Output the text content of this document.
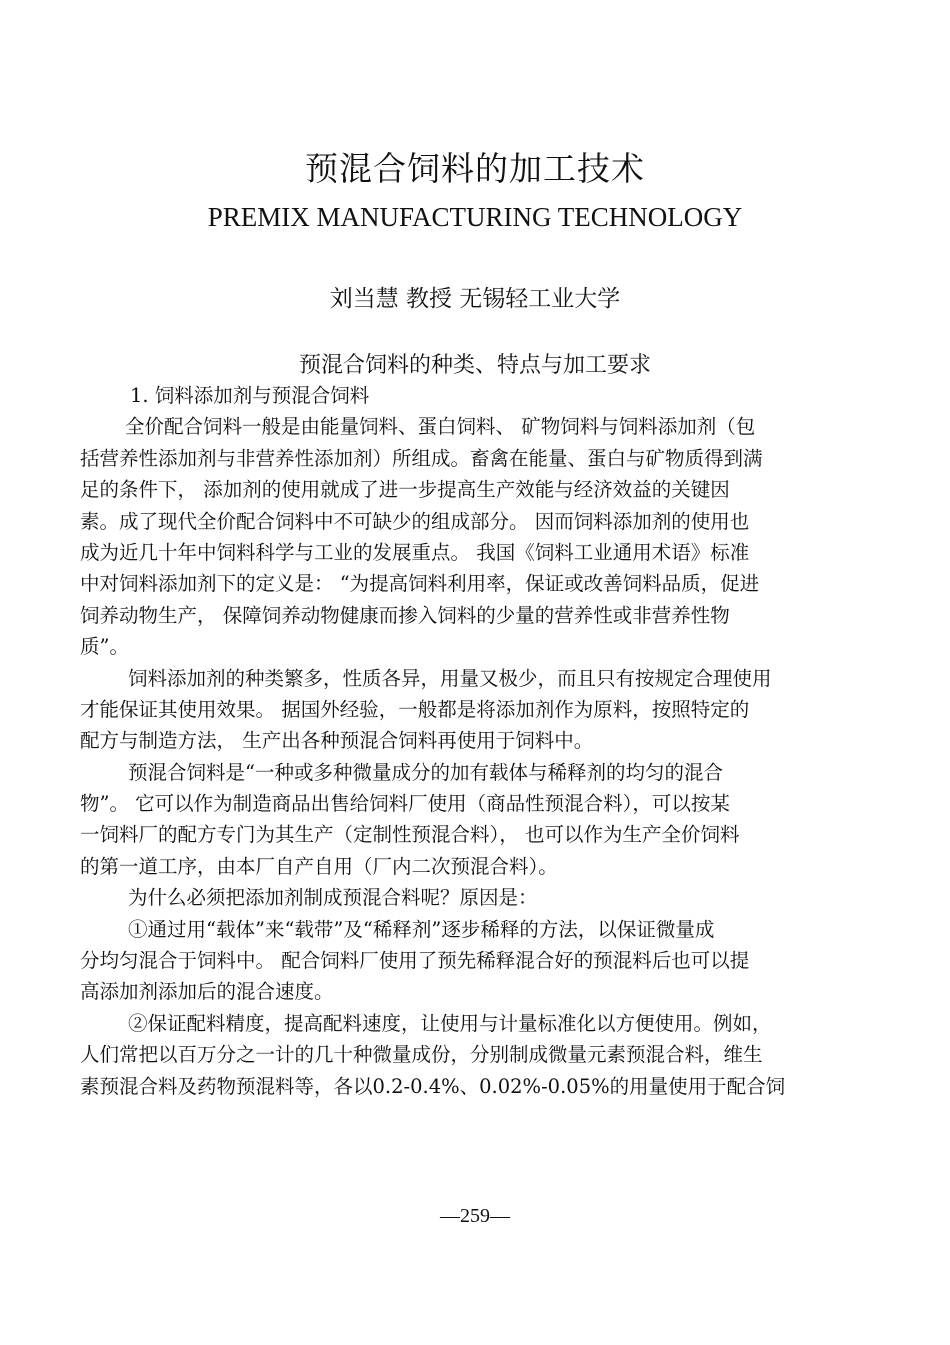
预混合饲料的加工技术
PREMIX MANUFACTURING TECHNOLOGY
刘当慧 教授 无锡轻工业大学
预混合饲料的种类、特点与加工要求
1. 饲料添加剂与预混合饲料
全价配合饲料一般是由能量饲料、蛋白饲料、 矿物饲料与饲料添加剂（包
括营养性添加剂与非营养性添加剂）所组成。畜禽在能量、蛋白与矿物质得到满
足的条件下， 添加剂的使用就成了进一步提高生产效能与经济效益的关键因
素。成了现代全价配合饲料中不可缺少的组成部分。 因而饲料添加剂的使用也
成为近几十年中饲料科学与工业的发展重点。 我国《饲料工业通用术语》标准
中对饲料添加剂下的定义是： “为提高饲料利用率，保证或改善饲料品质，促进
饲养动物生产， 保障饲养动物健康而掺入饲料的少量的营养性或非营养性物
质”。
饲料添加剂的种类繁多，性质各异，用量又极少，而且只有按规定合理使用
才能保证其使用效果。 据国外经验，一般都是将添加剂作为原料，按照特定的
配方与制造方法， 生产出各种预混合饲料再使用于饲料中。
预混合饲料是“一种或多种微量成分的加有载体与稀释剂的均匀的混合
物”。 它可以作为制造商品出售给饲料厂使用（商品性预混合料），可以按某
一饲料厂的配方专门为其生产（定制性预混合料）， 也可以作为生产全价饲料
的第一道工序，由本厂自产自用（厂内二次预混合料）。
为什么必须把添加剂制成预混合料呢？原因是：
①通过用“载体”来“载带”及“稀释剂”逐步稀释的方法，以保证微量成
分均匀混合于饲料中。 配合饲料厂使用了预先稀释混合好的预混料后也可以提
高添加剂添加后的混合速度。
②保证配料精度，提高配料速度，让使用与计量标准化以方便使用。例如，
人们常把以百万分之一计的几十种微量成份，分别制成微量元素预混合料，维生
素预混合料及药物预混料等，各以0.2-0.4%、0.02%-0.05%的用量使用于配合饲
—259—
